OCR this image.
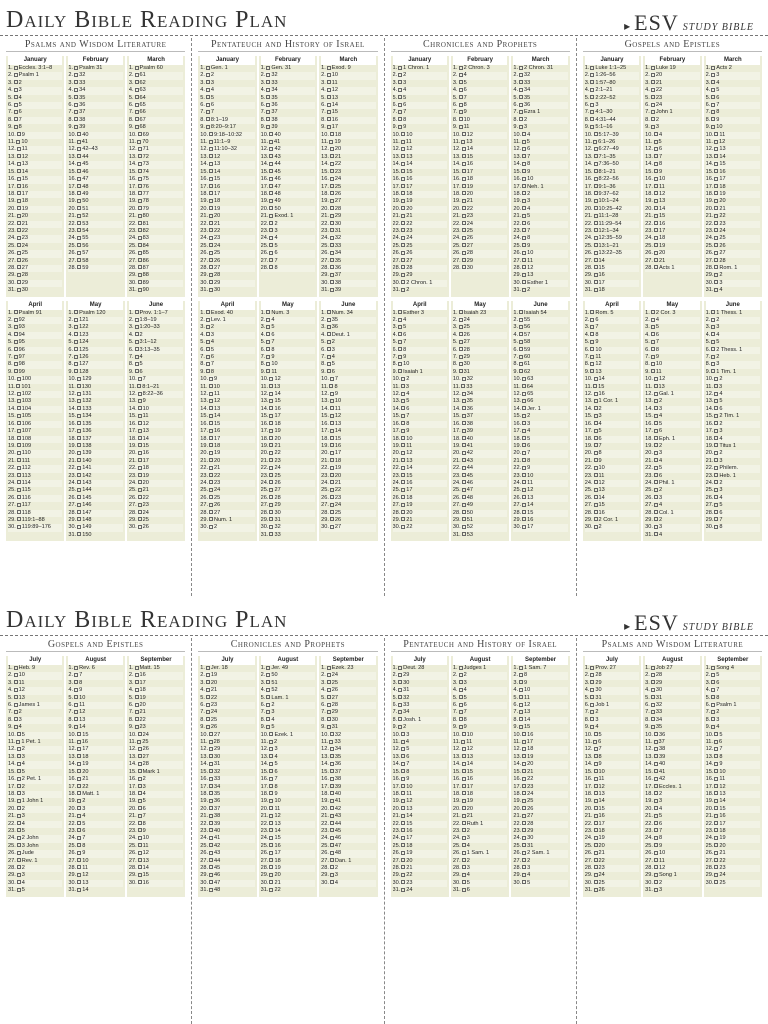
Daily Bible Reading Plan	▸ ESV STUDY BIBLE
Psalms and Wisdom Literature
January
1. Eccles. 3:1–8
2. Psalm 1
3. 2
4. 3
5. 4
6. 5
7. 6
8. 7
9. 8
10. 9
11. 10
12. 11
13. 12
14. 13
15. 14
16. 15
17. 16
18. 17
19. 18
20. 19
21. 20
22. 21
23. 22
24. 23
25. 24
26. 25
27. 26
28. 27
29. 28
30. 29
31. 30
February
1. Psalm 31
2. 32
3. 33
4. 34
5. 35
6. 36
7. 37
8. 38
9. 39
10. 40
11. 41
12. 42–43
13. 44
14. 45
15. 46
16. 47
17. 48
18. 49
19. 50
20. 51
21. 52
22. 53
23. 54
24. 55
25. 56
26. 57
27. 58
28. 59
March
1. Psalm 60
2. 61
3. 62
4. 63
5. 64
6. 65
7. 66
8. 67
9. 68
10. 69
11. 70
12. 71
13. 72
14. 73
15. 74
16. 75
17. 76
18. 77
19. 78
20. 79
21. 80
22. 81
23. 82
24. 83
25. 84
26. 85
27. 86
28. 87
29. 88
30. 89
31. 90
April
1. Psalm 91
2. 92
3. 93
4. 94
5. 95
6. 96
7. 97
8. 98
9. 99
10. 100
11. 101
12. 102
13. 103
14. 104
15. 105
16. 106
17. 107
18. 108
19. 109
20. 110
21. 111
22. 112
23. 113
24. 114
25. 115
26. 116
27. 117
28. 118
29. 119:1–88
30. 119:89–176
May
1. Psalm 120
2. 121
3. 122
4. 123
5. 124
6. 125
7. 126
8. 127
9. 128
10. 129
11. 130
12. 131
13. 132
14. 133
15. 134
16. 135
17. 136
18. 137
19. 138
20. 139
21. 140
22. 141
23. 142
24. 143
25. 144
26. 145
27. 146
28. 147
29. 148
30. 149
31. 150
June
1. Prov. 1:1–7
2. 1:8–19
3. 1:20–33
4. 2
5. 3:1–12
6. 3:13–35
7. 4
8. 5
9. 6
10. 7
11. 8:1–21
12. 8:22–36
13. 9
14. 10
15. 11
16. 12
17. 13
18. 14
19. 15
20. 16
21. 17
22. 18
23. 19
24. 20
25. 21
26. 22
27. 23
28. 24
29. 25
30. 26
Pentateuch and History of Israel
January
1. Gen. 1
2. 2
3. 3
4. 4
5. 5
6. 6
7. 7
8. 8:1–19
9. 8:20–9:17
10. 9:18–10:32
11. 11:1–9
12. 11:10–32
13. 12
14. 13
15. 14
16. 15
17. 16
18. 17
19. 18
20. 19
21. 20
22. 21
23. 22
24. 23
25. 24
26. 25
27. 26
28. 27
29. 28
30. 29
31. 30
February
1. Gen. 31
2. 32
3. 33
4. 34
5. 35
6. 36
7. 37
8. 38
9. 39
10. 40
11. 41
12. 42
13. 43
14. 44
15. 45
16. 46
17. 47
18. 48
19. 49
20. 50
21. Exod. 1
22. 2
23. 3
24. 4
25. 5
26. 6
27. 7
28. 8
March
1. Exod. 9
2. 10
3. 11
4. 12
5. 13
6. 14
7. 15
8. 16
9. 17
10. 18
11. 19
12. 20
13. 21
14. 22
15. 23
16. 24
17. 25
18. 26
19. 27
20. 28
21. 29
22. 30
23. 31
24. 32
25. 33
26. 34
27. 35
28. 36
29. 37
30. 38
31. 39
April
1. Exod. 40
2. Lev. 1
3. 2
4. 3
5. 4
6. 5
7. 6
8. 7
9. 8
10. 9
11. 10
12. 11
13. 12
14. 13
15. 14
16. 15
17. 16
18. 17
19. 18
20. 19
21. 20
22. 21
23. 22
24. 23
25. 24
26. 25
27. 26
28. 27
29. Num. 1
30. 2
May
1. Num. 3
2. 4
3. 5
4. 6
5. 7
6. 8
7. 9
8. 10
9. 11
10. 12
11. 13
12. 14
13. 15
14. 16
15. 17
16. 18
17. 19
18. 20
19. 21
20. 22
21. 23
22. 24
23. 25
24. 26
25. 27
26. 28
27. 29
28. 30
29. 31
30. 32
31. 33
June
1. Num. 34
2. 35
3. 36
4. Deut. 1
5. 2
6. 3
7. 4
8. 5
9. 6
10. 7
11. 8
12. 9
13. 10
14. 11
15. 12
16. 13
17. 14
18. 15
19. 16
20. 17
21. 18
22. 19
23. 20
24. 21
25. 22
26. 23
27. 24
28. 25
29. 26
30. 27
Chronicles and Prophets
January
1. 1 Chron. 1
2. 2
3. 3
4. 4
5. 5
6. 6
7. 7
8. 8
9. 9
10. 10
11. 11
12. 12
13. 13
14. 14
15. 15
16. 16
17. 17
18. 18
19. 19
20. 20
21. 21
22. 22
23. 23
24. 24
25. 25
26. 26
27. 27
28. 28
29. 29
30. 2 Chron. 1
31. 2
February
1. 2 Chron. 3
2. 4
3. 5
4. 6
5. 7
6. 8
7. 9
8. 10
9. 11
10. 12
11. 13
12. 14
13. 15
14. 16
15. 17
16. 18
17. 19
18. 20
19. 21
20. 22
21. 23
22. 24
23. 25
24. 26
25. 27
26. 28
27. 29
28. 30
March
1. 2 Chron. 31
2. 32
3. 33
4. 34
5. 35
6. 36
7. Ezra 1
8. 2
9. 3
10. 4
11. 5
12. 6
13. 7
14. 8
15. 9
16. 10
17. Neh. 1
18. 2
19. 3
20. 4
21. 5
22. 6
23. 7
24. 8
25. 9
26. 10
27. 11
28. 12
29. 13
30. Esther 1
31. 2
April
1. Esther 3
2. 4
3. 5
4. 6
5. 7
6. 8
7. 9
8. 10
9. Isaiah 1
10. 2
11. 3
12. 4
13. 5
14. 6
15. 7
16. 8
17. 9
18. 10
19. 11
20. 12
21. 13
22. 14
23. 15
24. 16
25. 17
26. 18
27. 19
28. 20
29. 21
30. 22
May
1. Isaiah 23
2. 24
3. 25
4. 26
5. 27
6. 28
7. 29
8. 30
9. 31
10. 32
11. 33
12. 34
13. 35
14. 36
15. 37
16. 38
17. 39
18. 40
19. 41
20. 42
21. 43
22. 44
23. 45
24. 46
25. 47
26. 48
27. 49
28. 50
29. 51
30. 52
31. 53
June
1. Isaiah 54
2. 55
3. 56
4. 57
5. 58
6. 59
7. 60
8. 61
9. 62
10. 63
11. 64
12. 65
13. 66
14. Jer. 1
15. 2
16. 3
17. 4
18. 5
19. 6
20. 7
21. 8
22. 9
23. 10
24. 11
25. 12
26. 13
27. 14
28. 15
29. 16
30. 17
Gospels and Epistles
January
1. Luke 1:1–25
2. 1:26–56
3. 1:57–80
4. 2:1–21
5. 2:22–52
6. 3
7. 4:1–30
8. 4:31–44
9. 5:1–16
10. 5:17–39
11. 6:1–26
12. 6:27–49
13. 7:1–35
14. 7:36–50
15. 8:1–21
16. 8:22–56
17. 9:1–36
18. 9:37–62
19. 10:1–24
20. 10:25–42
21. 11:1–28
22. 11:29–54
23. 12:1–34
24. 12:35–59
25. 13:1–21
26. 13:22–35
27. 14
28. 15
29. 16
30. 17
31. 18
February
1. Luke 19
2. 20
3. 21
4. 22
5. 23
6. 24
7. John 1
8. 2
9. 3
10. 4
11. 5
12. 6
13. 7
14. 8
15. 9
16. 10
17. 11
18. 12
19. 13
20. 14
21. 15
22. 16
23. 17
24. 18
25. 19
26. 20
27. 21
28. Acts 1
March
1. Acts 2
2. 3
3. 4
4. 5
5. 6
6. 7
7. 8
8. 9
9. 10
10. 11
11. 12
12. 13
13. 14
14. 15
15. 16
16. 17
17. 18
18. 19
19. 20
20. 21
21. 22
22. 23
23. 24
24. 25
25. 26
26. 27
27. 28
28. Rom. 1
29. 2
30. 3
31. 4
April
1. Rom. 5
2. 6
3. 7
4. 8
5. 9
6. 10
7. 11
8. 12
9. 13
10. 14
11. 15
12. 16
13. 1 Cor. 1
14. 2
15. 3
16. 4
17. 5
18. 6
19. 7
20. 8
21. 9
22. 10
23. 11
24. 12
25. 13
26. 14
27. 15
28. 16
29. 2 Cor. 1
30. 2
May
1. 2 Cor. 3
2. 4
3. 5
4. 6
5. 7
6. 8
7. 9
8. 10
9. 11
10. 12
11. 13
12. Gal. 1
13. 2
14. 3
15. 4
16. 5
17. 6
18. Eph. 1
19. 2
20. 3
21. 4
22. 5
23. 6
24. Phil. 1
25. 2
26. 3
27. 4
28. Col. 1
29. 2
30. 3
31. 4
June
1. 1 Thess. 1
2. 2
3. 3
4. 4
5. 5
6. 2 Thess. 1
7. 2
8. 3
9. 1 Tim. 1
10. 2
11. 3
12. 4
13. 5
14. 6
15. 2 Tim. 1
16. 2
17. 3
18. 4
19. Titus 1
20. 2
21. 3
22. Philem.
23. Heb. 1
24. 2
25. 3
26. 4
27. 5
28. 6
29. 7
30. 8
Daily Bible Reading Plan	▸ ESV STUDY BIBLE
Gospels and Epistles
July
1. Heb. 9
2. 10
3. 11
4. 12
5. 13
6. James 1
7. 2
8. 3
9. 4
10. 5
11. 1 Pet. 1
12. 2
13. 3
14. 4
15. 5
16. 2 Pet. 1
17. 2
18. 3
19. 1 John 1
20. 2
21. 3
22. 4
23. 5
24. 2 John
25. 3 John
26. Jude
27. Rev. 1
28. 2
29. 3
30. 4
31. 5
August
1. Rev. 6
2. 7
3. 8
4. 9
5. 10
6. 11
7. 12
8. 13
9. 14
10. 15
11. 16
12. 17
13. 18
14. 19
15. 20
16. 21
17. 22
18. Matt. 1
19. 2
20. 3
21. 4
22. 5
23. 6
24. 7
25. 8
26. 9
27. 10
28. 11
29. 12
30. 13
31. 14
September
1. Matt. 15
2. 16
3. 17
4. 18
5. 19
6. 20
7. 21
8. 22
9. 23
10. 24
11. 25
12. 26
13. 27
14. 28
15. Mark 1
16. 2
17. 3
18. 4
19. 5
20. 6
21. 7
22. 8
23. 9
24. 10
25. 11
26. 12
27. 13
28. 14
29. 15
30. 16
Chronicles and Prophets
July
1. Jer. 18
2. 19
3. 20
4. 21
5. 22
6. 23
7. 24
8. 25
9. 26
10. 27
11. 28
12. 29
13. 30
14. 31
15. 32
16. 33
17. 34
18. 35
19. 36
20. 37
21. 38
22. 39
23. 40
24. 41
25. 42
26. 43
27. 44
28. 45
29. 46
30. 47
31. 48
August
1. Jer. 49
2. 50
3. 51
4. 52
5. Lam. 1
6. 2
7. 3
8. 4
9. 5
10. Ezek. 1
11. 2
12. 3
13. 4
14. 5
15. 6
16. 7
17. 8
18. 9
19. 10
20. 11
21. 12
22. 13
23. 14
24. 15
25. 16
26. 17
27. 18
28. 19
29. 20
30. 21
31. 22
September
1. Ezek. 23
2. 24
3. 25
4. 26
5. 27
6. 28
7. 29
8. 30
9. 31
10. 32
11. 33
12. 34
13. 35
14. 36
15. 37
16. 38
17. 39
18. 40
19. 41
20. 42
21. 43
22. 44
23. 45
24. 46
25. 47
26. 48
27. Dan. 1
28. 2
29. 3
30. 4
Pentateuch and History of Israel
July
1. Deut. 28
2. 29
3. 30
4. 31
5. 32
6. 33
7. 34
8. Josh. 1
9. 2
10. 3
11. 4
12. 5
13. 6
14. 7
15. 8
16. 9
17. 10
18. 11
19. 12
20. 13
21. 14
22. 15
23. 16
24. 17
25. 18
26. 19
27. 20
28. 21
29. 22
30. 23
31. 24
August
1. Judges 1
2. 2
3. 3
4. 4
5. 5
6. 6
7. 7
8. 8
9. 9
10. 10
11. 11
12. 12
13. 13
14. 14
15. 15
16. 16
17. 17
18. 18
19. 19
20. 20
21. 21
22. Ruth 1
23. 2
24. 3
25. 4
26. 1 Sam. 1
27. 2
28. 3
29. 4
30. 5
31. 6
September
1. 1 Sam. 7
2. 8
3. 9
4. 10
5. 11
6. 12
7. 13
8. 14
9. 15
10. 16
11. 17
12. 18
13. 19
14. 20
15. 21
16. 22
17. 23
18. 24
19. 25
20. 26
21. 27
22. 28
23. 29
24. 30
25. 31
26. 2 Sam. 1
27. 2
28. 3
29. 4
30. 5
Psalms and Wisdom Literature
July
1. Prov. 27
2. 28
3. 29
4. 30
5. 31
6. Job 1
7. 2
8. 3
9. 4
10. 5
11. 6
12. 7
13. 8
14. 9
15. 10
16. 11
17. 12
18. 13
19. 14
20. 15
21. 16
22. 17
23. 18
24. 19
25. 20
26. 21
27. 22
28. 23
29. 24
30. 25
31. 26
August
1. Job 27
2. 28
3. 29
4. 30
5. 31
6. 32
7. 33
8. 34
9. 35
10. 36
11. 37
12. 38
13. 39
14. 40
15. 41
16. 42
17. Eccles. 1
18. 2
19. 3
20. 4
21. 5
22. 6
23. 7
24. 8
25. 9
26. 10
27. 11
28. 12
29. Song 1
30. 2
31. 3
September
1. Song 4
2. 5
3. 6
4. 7
5. 8
6. Psalm 1
7. 2
8. 3
9. 4
10. 5
11. 6
12. 7
13. 8
14. 9
15. 10
16. 11
17. 12
18. 13
19. 14
20. 15
21. 16
22. 17
23. 18
24. 19
25. 20
26. 21
27. 22
28. 23
29. 24
30. 25
